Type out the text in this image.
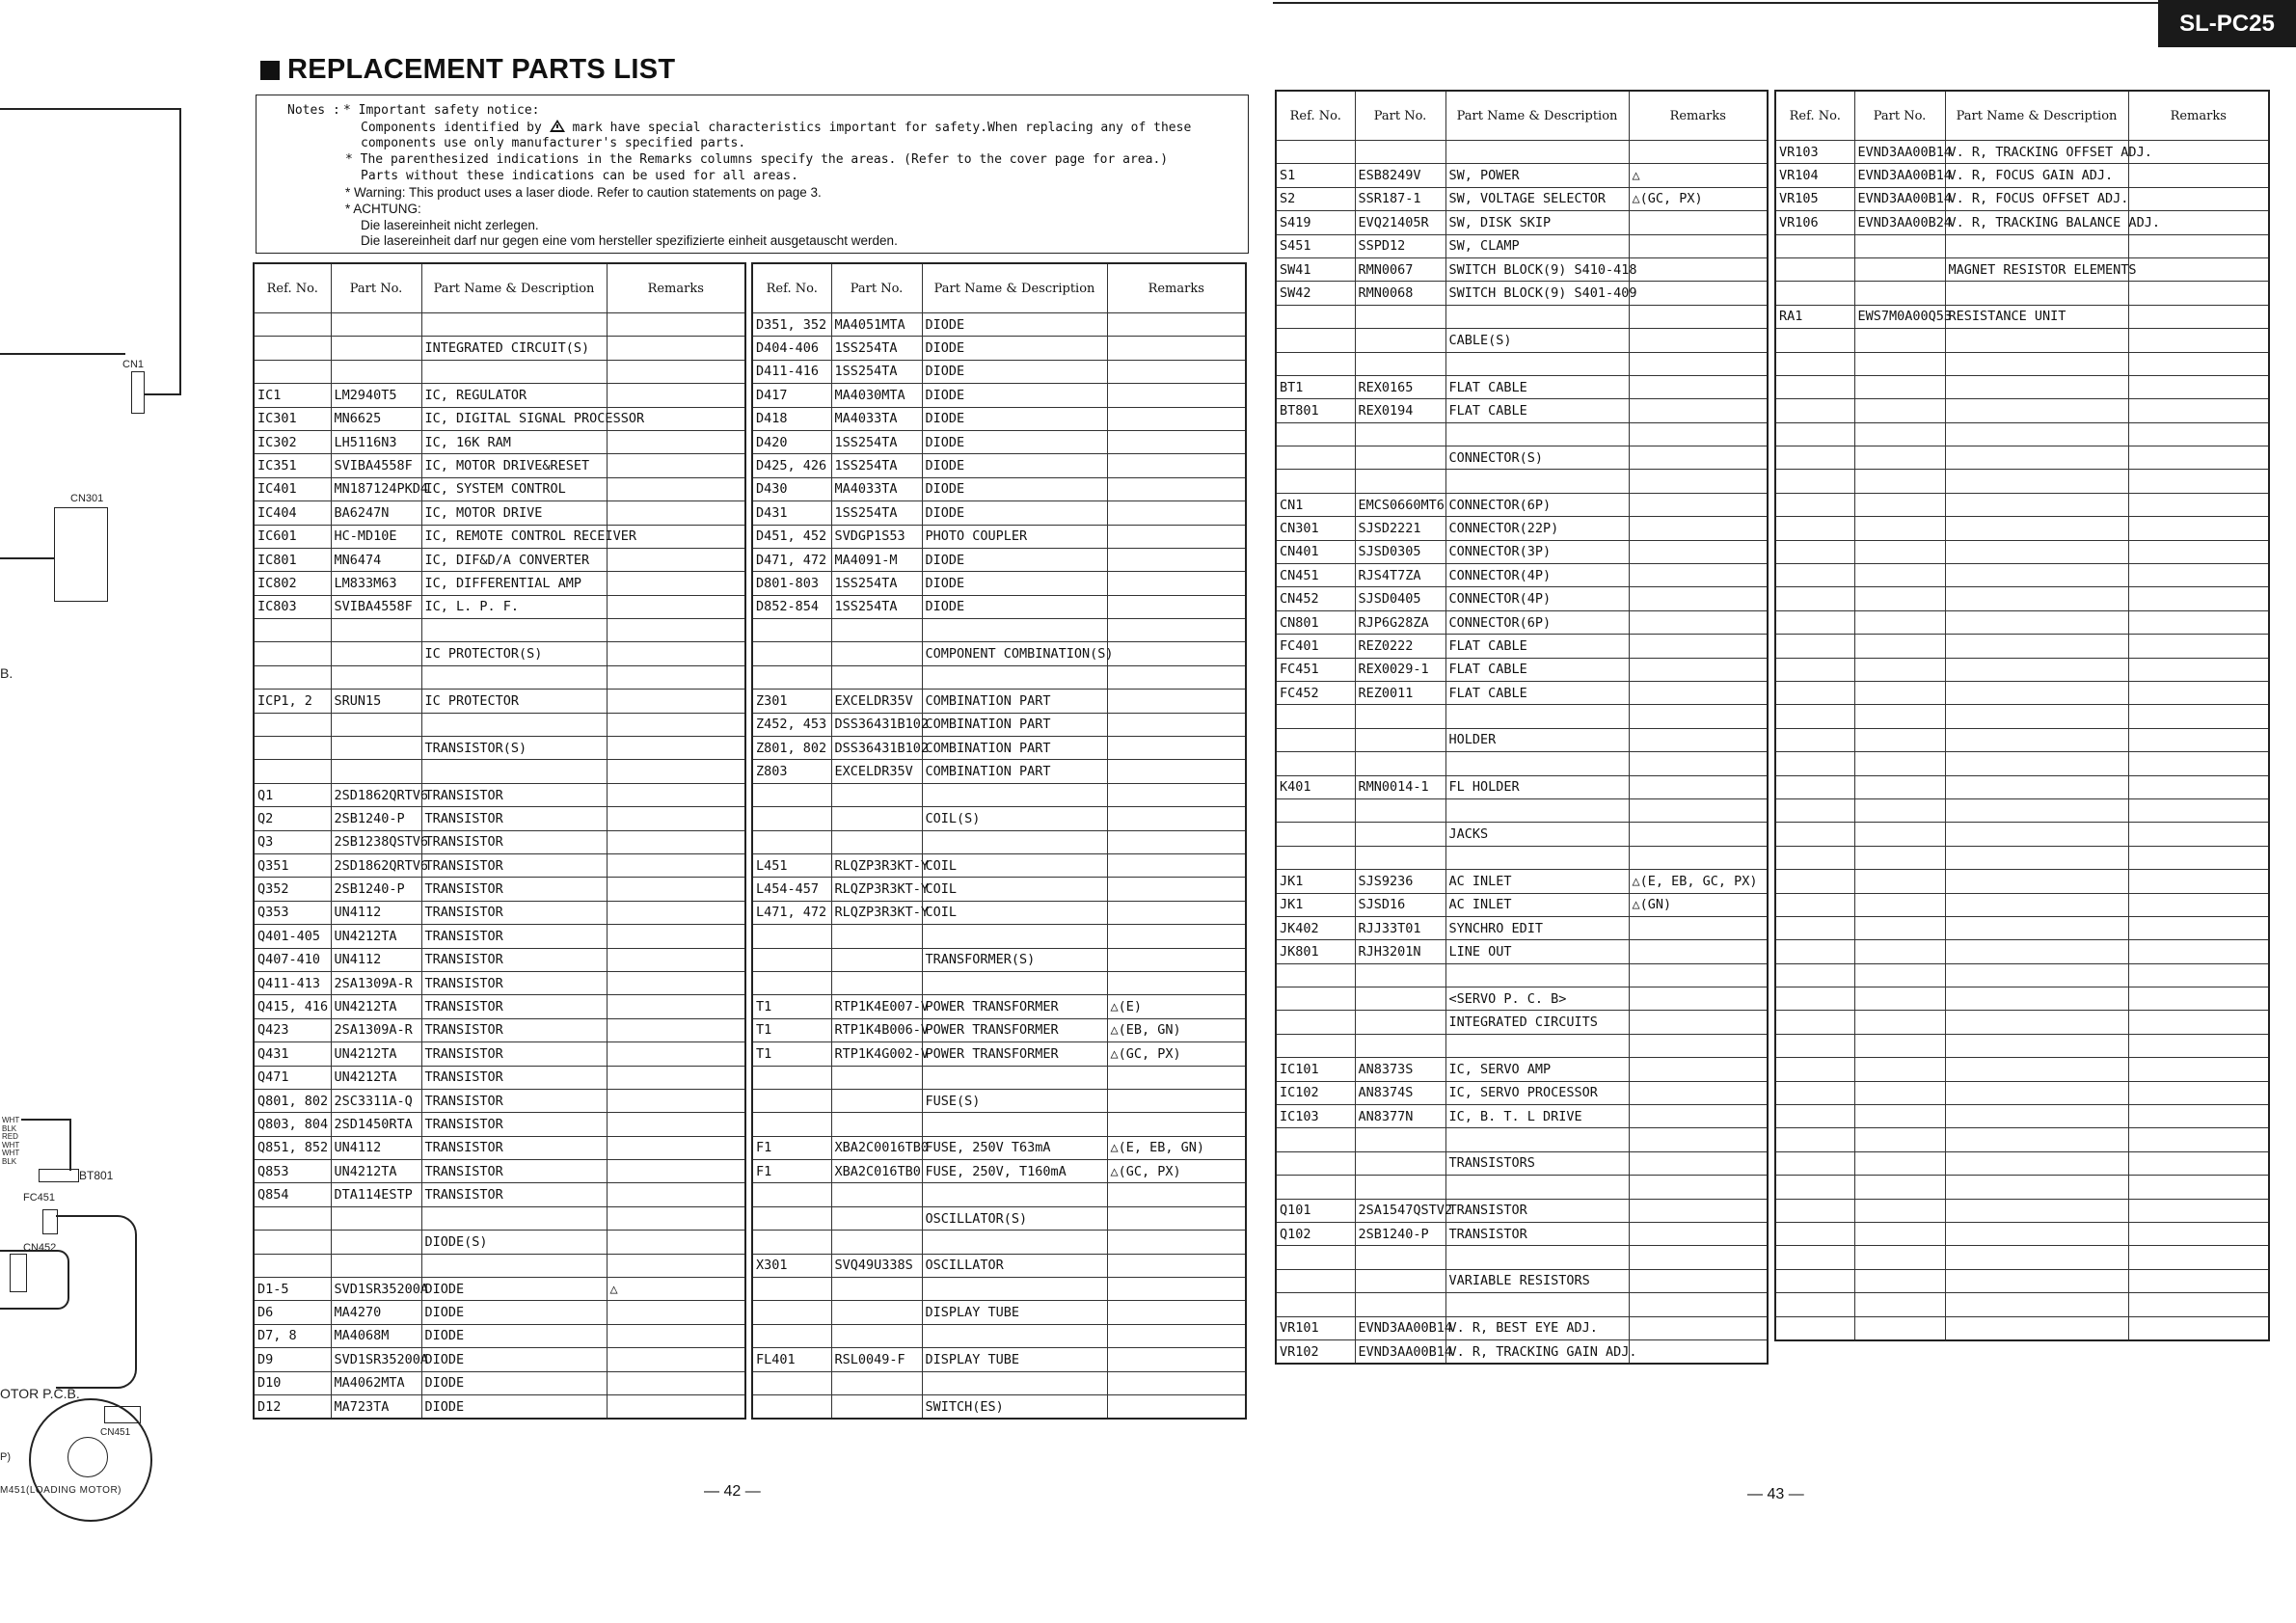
SL-PC25
REPLACEMENT PARTS LIST
Notes : * Important safety notice:
Components identified by mark have special characteristics important for safety.When replacing any of these
components use only manufacturer's specified parts.
* The parenthesized indications in the Remarks columns specify the areas. (Refer to the cover page for area.)
Parts without these indications can be used for all areas.
* Warning: This product uses a laser diode. Refer to caution statements on page 3.
* ACHTUNG:
Die lasereinheit nicht zerlegen.
Die lasereinheit darf nur gegen eine vom hersteller spezifizierte einheit ausgetauscht werden.
Ref. No.	Part No.	Part Name & Description	Remarks

		INTEGRATED CIRCUIT(S)	

IC1	LM2940T5	IC, REGULATOR	
IC301	MN6625	IC, DIGITAL SIGNAL PROCESSOR	
IC302	LH5116N3	IC, 16K RAM	
IC351	SVIBA4558F	IC, MOTOR DRIVE&RESET	
IC401	MN187124PKD4	IC, SYSTEM CONTROL	
IC404	BA6247N	IC, MOTOR DRIVE	
IC601	HC-MD10E	IC, REMOTE CONTROL RECEIVER	
IC801	MN6474	IC, DIF&D/A CONVERTER	
IC802	LM833M63	IC, DIFFERENTIAL AMP	
IC803	SVIBA4558F	IC, L. P. F.	

		IC PROTECTOR(S)	

ICP1, 2	SRUN15	IC PROTECTOR	

		TRANSISTOR(S)	

Q1	2SD1862QRTV6	TRANSISTOR	
Q2	2SB1240-P	TRANSISTOR	
Q3	2SB1238QSTV6	TRANSISTOR	
Q351	2SD1862QRTV6	TRANSISTOR	
Q352	2SB1240-P	TRANSISTOR	
Q353	UN4112	TRANSISTOR	
Q401-405	UN4212TA	TRANSISTOR	
Q407-410	UN4112	TRANSISTOR	
Q411-413	2SA1309A-R	TRANSISTOR	
Q415, 416	UN4212TA	TRANSISTOR	
Q423	2SA1309A-R	TRANSISTOR	
Q431	UN4212TA	TRANSISTOR	
Q471	UN4212TA	TRANSISTOR	
Q801, 802	2SC3311A-Q	TRANSISTOR	
Q803, 804	2SD1450RTA	TRANSISTOR	
Q851, 852	UN4112	TRANSISTOR	
Q853	UN4212TA	TRANSISTOR	
Q854	DTA114ESTP	TRANSISTOR	

		DIODE(S)	

D1-5	SVD1SR35200A	DIODE	△
D6	MA4270	DIODE	
D7, 8	MA4068M	DIODE	
D9	SVD1SR35200A	DIODE	
D10	MA4062MTA	DIODE	
D12	MA723TA	DIODE	
Ref. No.	Part No.	Part Name & Description	Remarks
D351, 352	MA4051MTA	DIODE	
D404-406	1SS254TA	DIODE	
D411-416	1SS254TA	DIODE	
D417	MA4030MTA	DIODE	
D418	MA4033TA	DIODE	
D420	1SS254TA	DIODE	
D425, 426	1SS254TA	DIODE	
D430	MA4033TA	DIODE	
D431	1SS254TA	DIODE	
D451, 452	SVDGP1S53	PHOTO COUPLER	
D471, 472	MA4091-M	DIODE	
D801-803	1SS254TA	DIODE	
D852-854	1SS254TA	DIODE	

		COMPONENT COMBINATION(S)	

Z301	EXCELDR35V	COMBINATION PART	
Z452, 453	DSS36431B102	COMBINATION PART	
Z801, 802	DSS36431B102	COMBINATION PART	
Z803	EXCELDR35V	COMBINATION PART	

		COIL(S)	

L451	RLQZP3R3KT-Y	COIL	
L454-457	RLQZP3R3KT-Y	COIL	
L471, 472	RLQZP3R3KT-Y	COIL	

		TRANSFORMER(S)	

T1	RTP1K4E007-V	POWER TRANSFORMER	△(E)
T1	RTP1K4B006-V	POWER TRANSFORMER	△(EB, GN)
T1	RTP1K4G002-V	POWER TRANSFORMER	△(GC, PX)

		FUSE(S)	

F1	XBA2C0016TB0	FUSE, 250V T63mA	△(E, EB, GN)
F1	XBA2C016TB0	FUSE, 250V, T160mA	△(GC, PX)

		OSCILLATOR(S)	

X301	SVQ49U338S	OSCILLATOR	

		DISPLAY TUBE	

FL401	RSL0049-F	DISPLAY TUBE	

		SWITCH(ES)	
Ref. No.	Part No.	Part Name & Description	Remarks

S1	ESB8249V	SW, POWER	△
S2	SSR187-1	SW, VOLTAGE SELECTOR	△(GC, PX)
S419	EVQ21405R	SW, DISK SKIP	
S451	SSPD12	SW, CLAMP	
SW41	RMN0067	SWITCH BLOCK(9) S410-418	
SW42	RMN0068	SWITCH BLOCK(9) S401-409	

		CABLE(S)	

BT1	REX0165	FLAT CABLE	
BT801	REX0194	FLAT CABLE	

		CONNECTOR(S)	

CN1	EMCS0660MT6	CONNECTOR(6P)	
CN301	SJSD2221	CONNECTOR(22P)	
CN401	SJSD0305	CONNECTOR(3P)	
CN451	RJS4T7ZA	CONNECTOR(4P)	
CN452	SJSD0405	CONNECTOR(4P)	
CN801	RJP6G28ZA	CONNECTOR(6P)	
FC401	REZ0222	FLAT CABLE	
FC451	REX0029-1	FLAT CABLE	
FC452	REZ0011	FLAT CABLE	

		HOLDER	

K401	RMN0014-1	FL HOLDER	

		JACKS	

JK1	SJS9236	AC INLET	△(E, EB, GC, PX)
JK1	SJSD16	AC INLET	△(GN)
JK402	RJJ33T01	SYNCHRO EDIT	
JK801	RJH3201N	LINE OUT	

		<SERVO P. C. B>	
		INTEGRATED CIRCUITS	

IC101	AN8373S	IC, SERVO AMP	
IC102	AN8374S	IC, SERVO PROCESSOR	
IC103	AN8377N	IC, B. T. L DRIVE	

		TRANSISTORS	

Q101	2SA1547QSTV2	TRANSISTOR	
Q102	2SB1240-P	TRANSISTOR	

		VARIABLE RESISTORS	

VR101	EVND3AA00B14	V. R, BEST EYE ADJ.	
VR102	EVND3AA00B14	V. R, TRACKING GAIN ADJ.	
Ref. No.	Part No.	Part Name & Description	Remarks
VR103	EVND3AA00B14	V. R, TRACKING OFFSET ADJ.	
VR104	EVND3AA00B14	V. R, FOCUS GAIN ADJ.	
VR105	EVND3AA00B14	V. R, FOCUS OFFSET ADJ.	
VR106	EVND3AA00B24	V. R, TRACKING BALANCE ADJ.	

		MAGNET RESISTOR ELEMENTS	

RA1	EWS7M0A00Q53	RESISTANCE UNIT	

— 42 —	— 43 —
CN1
CN301
B.
WHT
BLK
RED
WHT
WHT
BLK
BT801
FC451
CN452
OTOR P.C.B.
CN451
P)
M451(LOADING MOTOR)
